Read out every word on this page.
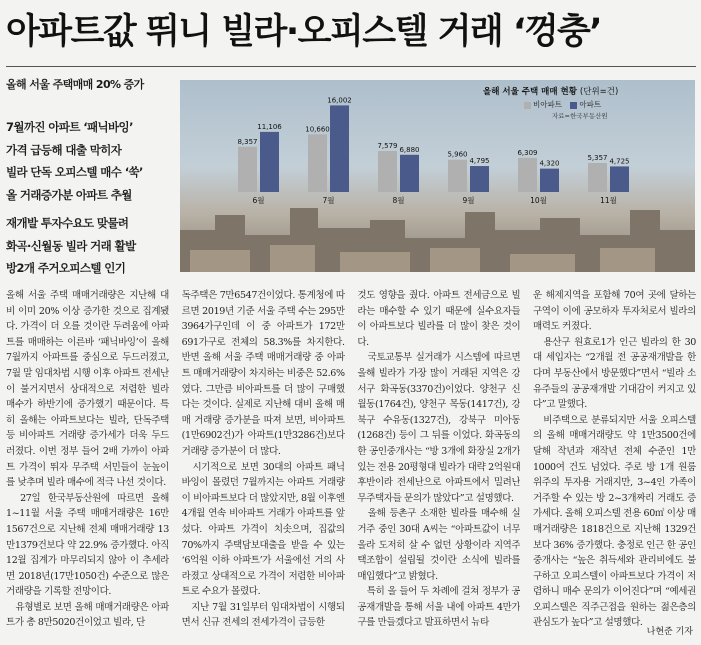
아파트값 뛰니 빌라·오피스텔 거래 ‘껑충’
올해 서울 주택매매 20% 증가
7월까진 아파트 ‘패닉바잉’
가격 급등해 대출 막히자
빌라 단독 오피스텔 매수 ‘쑥’
올 거래증가분 아파트 추월
재개발 투자수요도 맞물려
화곡·신월동 빌라 거래 활발
방2개 주거오피스텔 인기
8,357
11,106
6월
10,660
16,002
7월
7,579 6,880
8월
5,960
4,795
9월
6,309
4,320
10월
5,357 4,725
11월
올해 서울 주택 매매 현황 (단위=건)
비아파트 아파트
자료=한국부동산원

올해 서울 주택 매매거래량은 지난해 대비 이미 20% 이상 증가한 것으로 집계됐다. 가격이 더 오를 것이란 두려움에 아파트를 매매하는 이른바 ‘패닉바잉’이 올해 7월까지 아파트를 중심으로 두드러졌고, 7월 말 임대차법 시행 이후 아파트 전세난이 불거지면서 상대적으로 저렴한 빌라 매수가 하반기에 증가했기 때문이다. 특히 올해는 아파트보다는 빌라, 단독주택 등 비아파트 거래량 증가세가 더욱 두드러졌다. 이번 정부 들어 2배 가까이 아파트 가격이 뛰자 무주택 서민들이 눈높이를 낮추며 빌라 매수에 적극 나선 것이다.

　27일 한국부동산원에 따르면 올해 1~11월 서울 주택 매매거래량은 16만1567건으로 지난해 전체 매매거래량 13만1379건보다 약 22.9% 증가했다. 아직 12월 집계가 마무리되지 않아 이 추세라면 2018년(17만1050건) 수준으로 많은 거래량을 기록할 전망이다.

　유형별로 보면 올해 매매거래량은 아파트가 총 8만5020건이었고 빌라, 단

독주택은 7만6547건이었다. 통계청에 따르면 2019년 기준 서울 주택 수는 295만3964가구인데 이 중 아파트가 172만691가구로 전체의 58.3%를 차지한다. 반면 올해 서울 주택 매매거래량 중 아파트 매매거래량이 차지하는 비중은 52.6%였다. 그만큼 비아파트를 더 많이 구매했다는 것이다. 실제로 지난해 대비 올해 매매 거래량 증가분을 따져 보면, 비아파트(1만6902건)가 아파트(1만3286건)보다 거래량 증가분이 더 많다.

　시기적으로 보면 30대의 아파트 패닉 바잉이 몰렸던 7월까지는 아파트 거래량이 비아파트보다 더 많았지만, 8월 이후엔 4개월 연속 비아파트 거래가 아파트를 앞섰다. 아파트 가격이 치솟으며, 집값의 70%까지 주택담보대출을 받을 수 있는 ‘6억원 이하 아파트’가 서울에선 거의 사라졌고 상대적으로 가격이 저렴한 비아파트로 수요가 몰렸다.

　지난 7월 31일부터 임대차법이 시행되면서 신규 전세의 전세가격이 급등한

것도 영향을 줬다. 아파트 전세금으로 빌라는 매수할 수 있기 때문에 실수요자들이 아파트보다 빌라를 더 많이 찾은 것이다.

　국토교통부 실거래가 시스템에 따르면 올해 빌라가 가장 많이 거래된 지역은 강서구 화곡동(3370건)이었다. 양천구 신월동(1764건), 양천구 목동(1417건), 강북구 수유동(1327건), 강북구 미아동(1268건) 등이 그 뒤를 이었다. 화곡동의 한 공인중개사는 “방 3개에 화장실 2개가 있는 전용 20평형대 빌라가 대략 2억원대 후반이라 전세난으로 아파트에서 밀려난 무주택자들 문의가 많았다”고 설명했다.

　올해 등촌구 소재한 빌라를 매수해 실거주 중인 30대 A씨는 “아파트값이 너무 올라 도저히 살 수 없던 상황이라 지역주택조합이 설립될 것이란 소식에 빌라를 매입했다”고 밝혔다.

　특히 올 들어 두 차례에 걸쳐 정부가 공공재개발을 통해 서울 내에 아파트 4만가구를 만들겠다고 발표하면서 뉴타

운 해제지역을 포함해 70여 곳에 달하는 구역이 이에 공모하자 투자처로서 빌라의 매력도 커졌다.

　용산구 원효로1가 인근 빌라의 한 30대 세입자는 “2개월 전 공공재개발을 한다며 부동산에서 방문했다”면서 “빌라 소유주들의 공공재개발 기대감이 커지고 있다”고 말했다.

　비주택으로 분류되지만 서울 오피스텔의 올해 매매거래량도 약 1만3500건에 달해 작년과 재작년 전체 수준인 1만1000여 건도 넘었다. 주로 방 1개 원룸 위주의 투자용 거래지만, 3~4인 가족이 거주할 수 있는 방 2~3개짜리 거래도 증가세다. 올해 오피스텔 전용 60㎡ 이상 매매거래량은 1818건으로 지난해 1329건보다 36% 증가했다. 충정로 인근 한 공인중개사는 “높은 취득세와 관리비에도 불구하고 오피스텔이 아파트보다 가격이 저렴하니 매수 문의가 이어진다”며 “예세권 오피스텔은 직주근접을 원하는 젊은층의 관심도가 높다”고 설명했다.

나현준 기자
